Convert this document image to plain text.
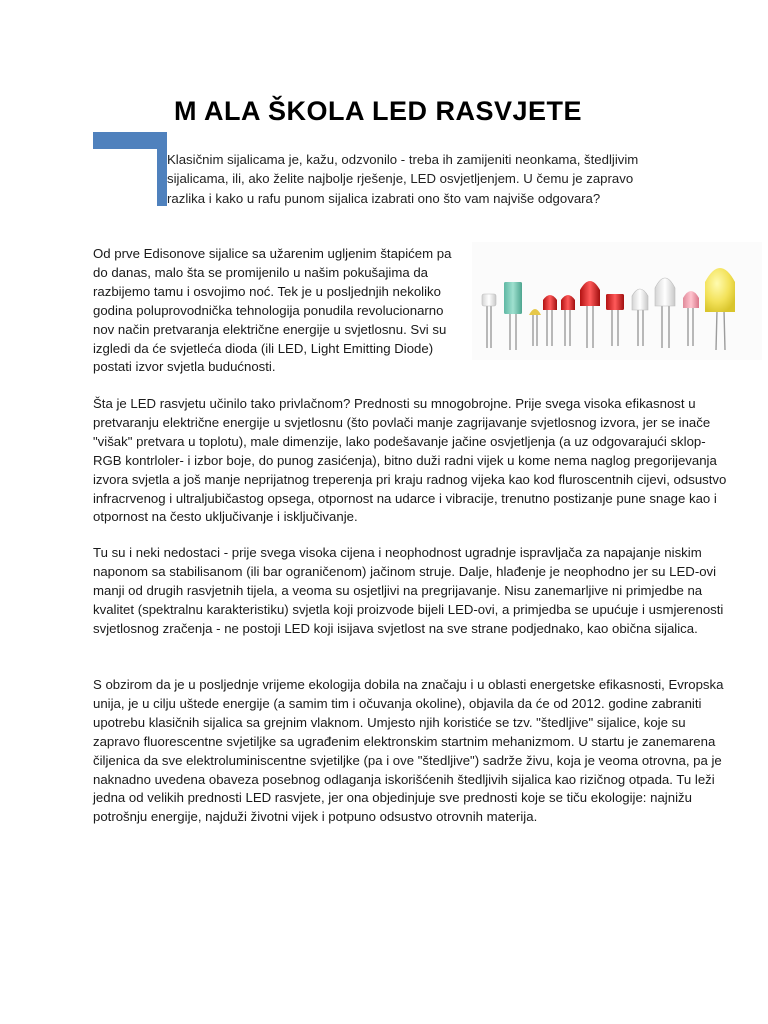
M ALA ŠKOLA LED RASVJETE
Klasičnim sijalicama je, kažu, odzvonilo - treba ih zamijeniti neonkama, štedljivim sijalicama, ili, ako želite najbolje rješenje, LED osvjetljenjem. U čemu je zapravo razlika i kako u rafu punom sijalica izabrati ono što vam najviše odgovara?
Od prve Edisonove sijalice sa užarenim ugljenim štapićem pa do danas, malo šta se promijenilo u našim pokušajima da razbijemo tamu i osvojimo noć. Tek je u posljednjih nekoliko godina poluprovodnička tehnologija ponudila revolucionarno nov način pretvaranja električne energije u svjetlosnu. Svi su izgledi da će svjetleća dioda (ili LED, Light Emitting Diode) postati izvor svjetla budućnosti.
Šta je LED rasvjetu učinilo tako privlačnom? Prednosti su mnogobrojne. Prije svega visoka efikasnost u pretvaranju električne energije u svjetlosnu (što povlači manje zagrijavanje svjetlosnog izvora, jer se inače "višak" pretvara u toplotu), male dimenzije, lako podešavanje jačine osvjetljenja (a uz odgovarajući sklop- RGB kontrloler- i izbor boje, do punog zasićenja), bitno duži radni vijek u kome nema naglog pregorijevanja izvora svjetla a još manje neprijatnog treperenja pri kraju radnog vijeka kao kod fluroscentnih cijevi, odsustvo infracrvenog i ultraljubičastog opsega, otpornost na udarce i vibracije, trenutno postizanje pune snage kao i otpornost na često uključivanje i isključivanje.
Tu su i neki nedostaci - prije svega visoka cijena i neophodnost ugradnje ispravljača za napajanje niskim naponom sa stabilisanom (ili bar ograničenom) jačinom struje. Dalje, hlađenje je neophodno jer su LED-ovi manji od drugih rasvjetnih tijela, a veoma su osjetljivi na pregrijavanje. Nisu zanemarljive ni primjedbe na kvalitet (spektralnu karakteristiku) svjetla koji proizvode bijeli LED-ovi, a primjedba se upućuje i usmjerenosti svjetlosnog zračenja - ne postoji LED koji isijava svjetlost na sve strane podjednako, kao obična sijalica.
S obzirom da je u posljednje vrijeme ekologija dobila na značaju i u oblasti energetske efikasnosti, Evropska unija, je u cilju uštede energije (a samim tim i očuvanja okoline), objavila da će od 2012. godine zabraniti upotrebu klasičnih sijalica sa grejnim vlaknom. Umjesto njih koristiće se tzv. "štedljive" sijalice, koje su zapravo fluorescentne svjetiljke sa ugrađenim elektronskim startnim mehanizmom. U startu je zanemarena čiljenica da sve elektroluminiscentne svjetiljke (pa i ove "štedljive") sadrže živu, koja je veoma otrovna, pa je naknadno uvedena obaveza posebnog odlaganja iskorišćenih štedljivih sijalica kao rizičnog otpada. Tu leži jedna od velikih prednosti LED rasvjete, jer ona objedinjuje sve prednosti koje se tiču ekologije: najnižu potrošnju energije, najduži životni vijek i potpuno odsustvo otrovnih materija.
